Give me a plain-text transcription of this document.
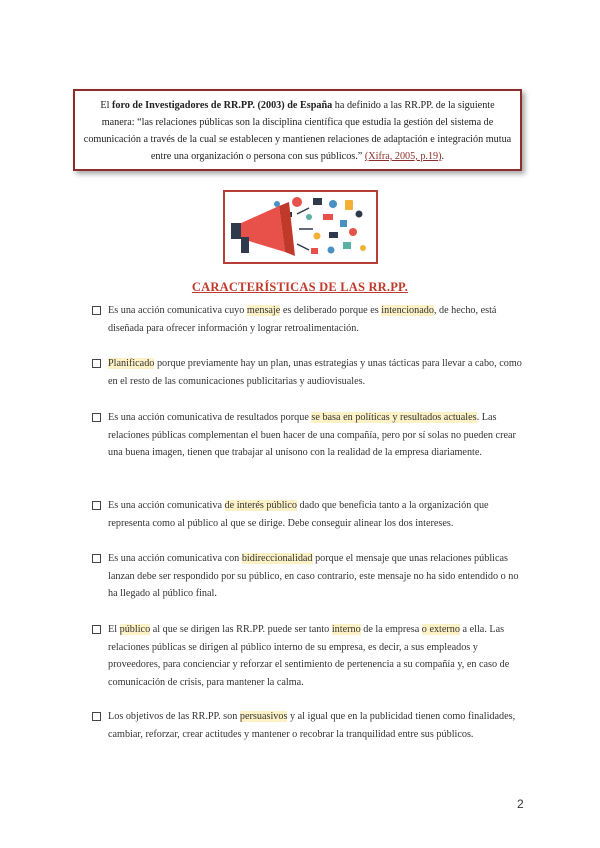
El foro de Investigadores de RR.PP. (2003) de España ha definido a las RR.PP. de la siguiente manera: “las relaciones públicas son la disciplina científica que estudia la gestión del sistema de comunicación a través de la cual se establecen y mantienen relaciones de adaptación e integración mutua entre una organización o persona con sus públicos.” (Xifra, 2005, p.19).
CARACTERÍSTICAS DE LAS RR.PP.
Es una acción comunicativa cuyo mensaje es deliberado porque es intencionado, de hecho, está diseñada para ofrecer información y lograr retroalimentación.
Planificado porque previamente hay un plan, unas estrategias y unas tácticas para llevar a cabo, como en el resto de las comunicaciones publicitarias y audiovisuales.
Es una acción comunicativa de resultados porque se basa en políticas y resultados actuales. Las relaciones públicas complementan el buen hacer de una compañía, pero por sí solas no pueden crear una buena imagen, tienen que trabajar al unísono con la realidad de la empresa diariamente.
Es una acción comunicativa de interés público dado que beneficia tanto a la organización que representa como al público al que se dirige. Debe conseguir alinear los dos intereses.
Es una acción comunicativa con bidireccionalidad porque el mensaje que unas relaciones públicas lanzan debe ser respondido por su público, en caso contrario, este mensaje no ha sido entendido o no ha llegado al público final.
El público al que se dirigen las RR.PP. puede ser tanto interno de la empresa o externo a ella. Las relaciones públicas se dirigen al público interno de su empresa, es decir, a sus empleados y proveedores, para concienciar y reforzar el sentimiento de pertenencia a su compañía y, en caso de comunicación de crisis, para mantener la calma.
Los objetivos de las RR.PP. son persuasivos y al igual que en la publicidad tienen como finalidades, cambiar, reforzar, crear actitudes y mantener o recobrar la tranquilidad entre sus públicos.
2
